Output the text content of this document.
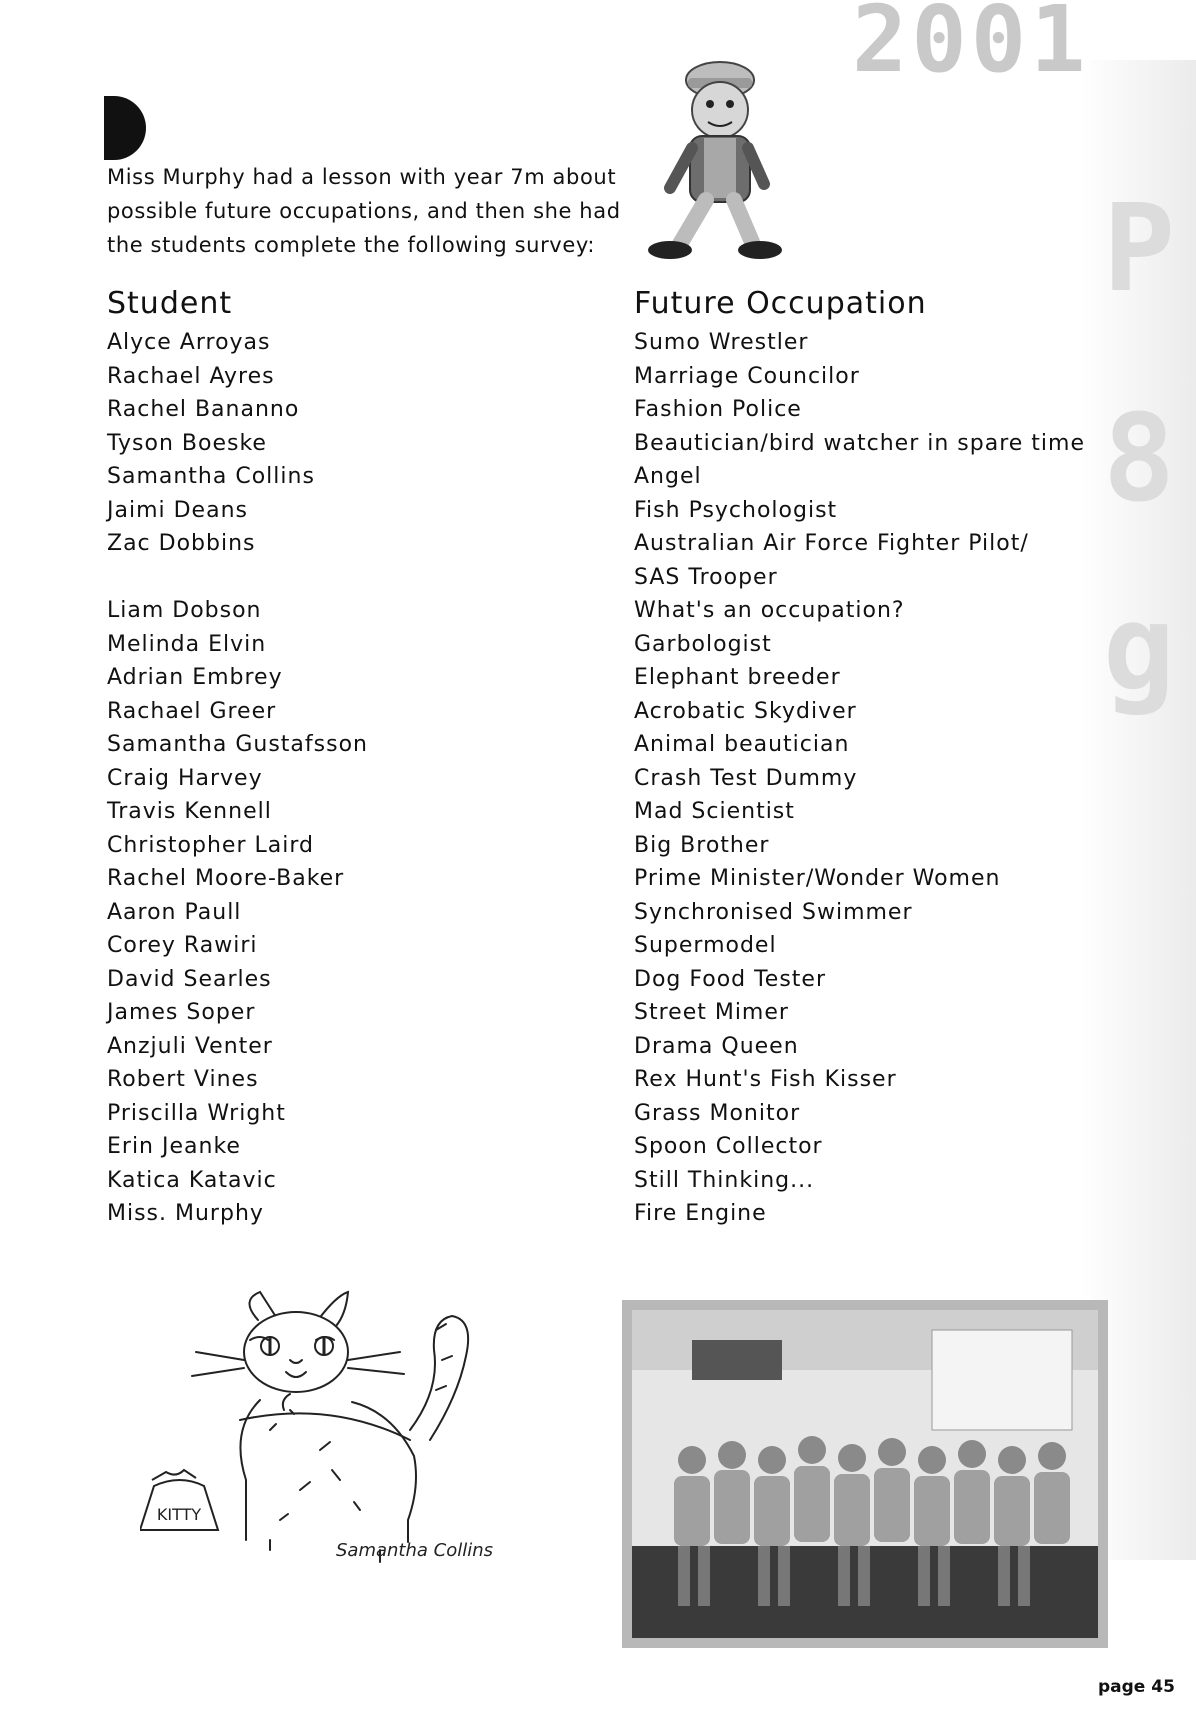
P
8
g
2001
Miss Murphy had a lesson with year 7m about possible future occupations, and then she had the students complete the following survey:
Student	Future Occupation
Alyce Arroyas
Rachael Ayres
Rachel Bananno
Tyson Boeske
Samantha Collins
Jaimi Deans
Zac Dobbins
Liam Dobson
Melinda Elvin
Adrian Embrey
Rachael Greer
Samantha Gustafsson
Craig Harvey
Travis Kennell
Christopher Laird
Rachel Moore-Baker
Aaron Paull
Corey Rawiri
David Searles
James Soper
Anzjuli Venter
Robert Vines
Priscilla Wright
Erin Jeanke
Katica Katavic
Miss. Murphy
Sumo Wrestler
Marriage Councilor
Fashion Police
Beautician/bird watcher in spare time
Angel
Fish Psychologist
Australian Air Force Fighter Pilot/
SAS Trooper
What's an occupation?
Garbologist
Elephant breeder
Acrobatic Skydiver
Animal beautician
Crash Test Dummy
Mad Scientist
Big Brother
Prime Minister/Wonder Women
Synchronised Swimmer
Supermodel
Dog Food Tester
Street Mimer
Drama Queen
Rex Hunt's Fish Kisser
Grass Monitor
Spoon Collector
Still Thinking...
Fire Engine
KITTY
Samantha Collins
page 45
